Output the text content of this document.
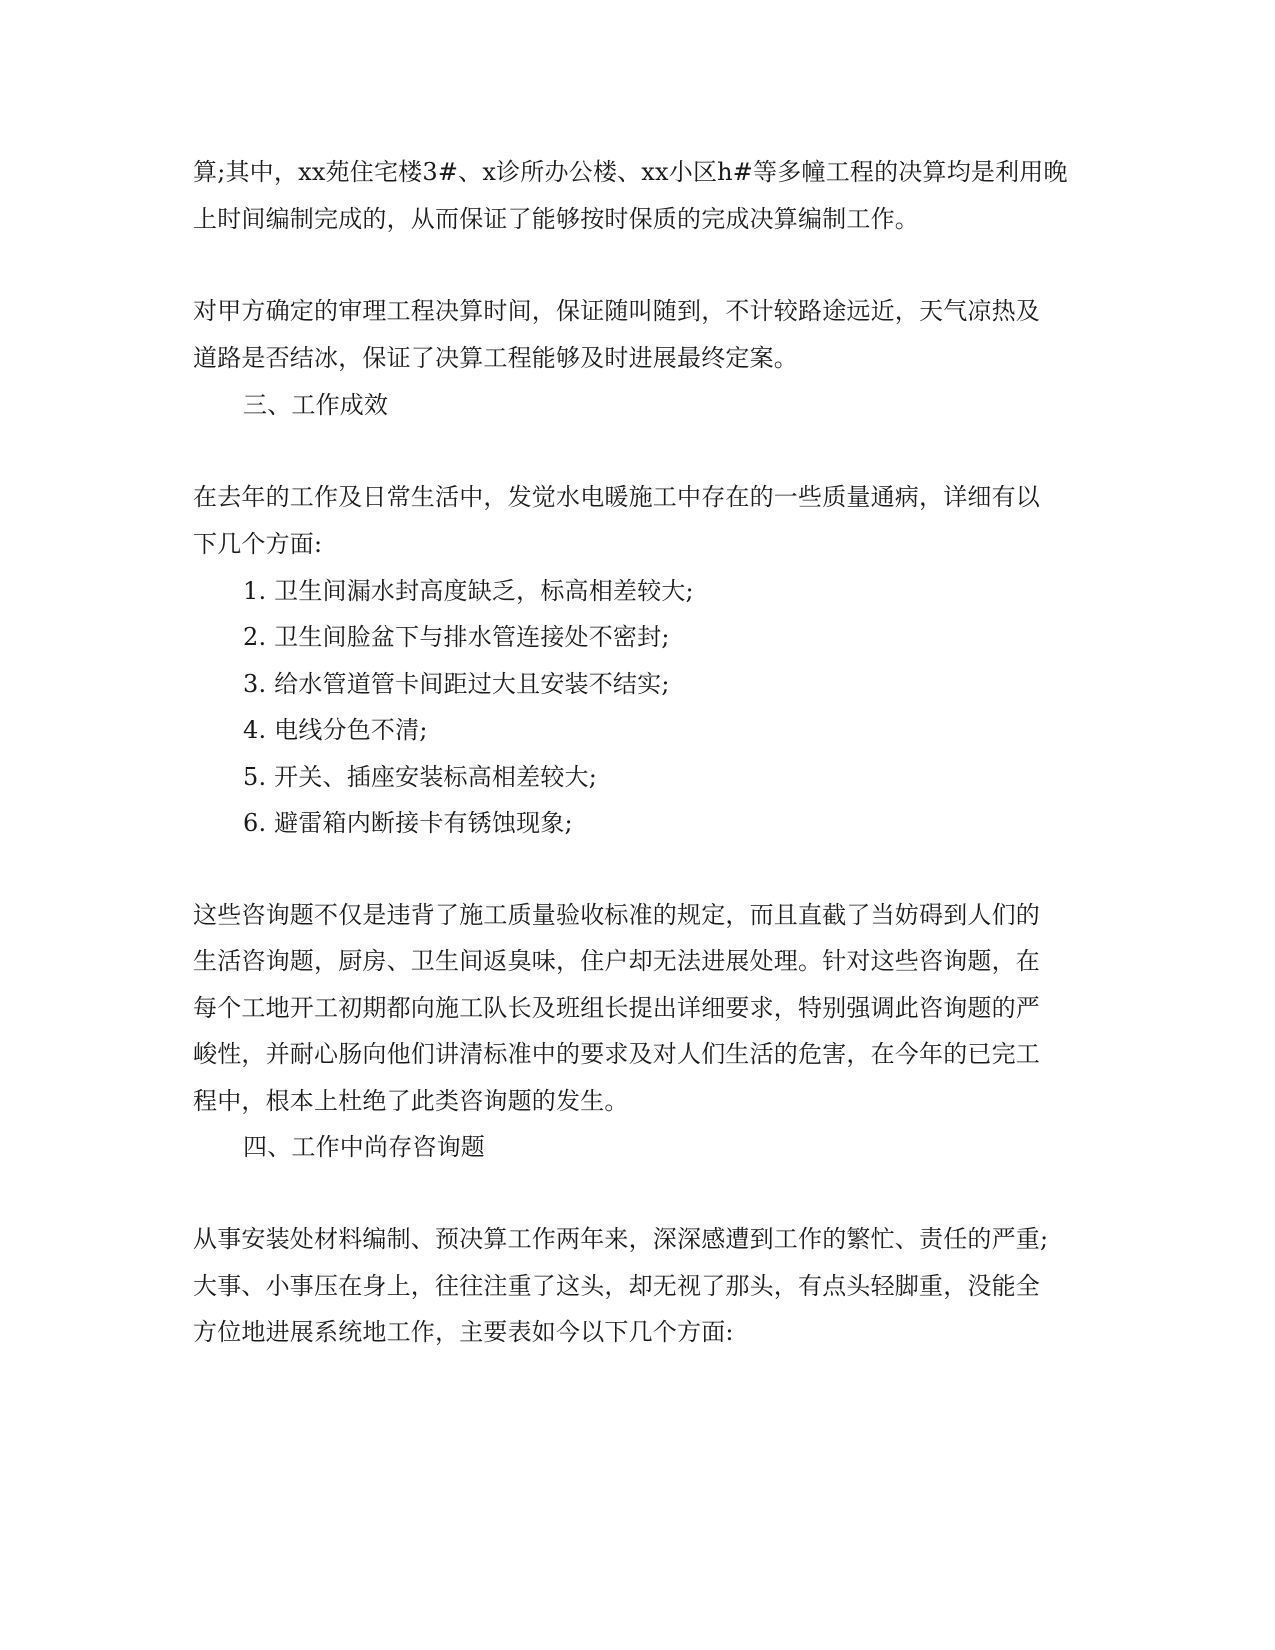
算;其中，xx苑住宅楼3#、x诊所办公楼、xx小区h#等多幢工程的决算均是利用晚
上时间编制完成的，从而保证了能够按时保质的完成决算编制工作。
对甲方确定的审理工程决算时间，保证随叫随到，不计较路途远近，天气凉热及
道路是否结冰，保证了决算工程能够及时进展最终定案。
三、工作成效
在去年的工作及日常生活中，发觉水电暖施工中存在的一些质量通病，详细有以
下几个方面:
1. 卫生间漏水封高度缺乏，标高相差较大;
2. 卫生间脸盆下与排水管连接处不密封;
3. 给水管道管卡间距过大且安装不结实;
4. 电线分色不清;
5. 开关、插座安装标高相差较大;
6. 避雷箱内断接卡有锈蚀现象;
这些咨询题不仅是违背了施工质量验收标准的规定，而且直截了当妨碍到人们的
生活咨询题，厨房、卫生间返臭味，住户却无法进展处理。针对这些咨询题，在
每个工地开工初期都向施工队长及班组长提出详细要求，特别强调此咨询题的严
峻性，并耐心肠向他们讲清标准中的要求及对人们生活的危害，在今年的已完工
程中，根本上杜绝了此类咨询题的发生。
四、工作中尚存咨询题
从事安装处材料编制、预决算工作两年来，深深感遭到工作的繁忙、责任的严重;
大事、小事压在身上，往往注重了这头，却无视了那头，有点头轻脚重，没能全
方位地进展系统地工作，主要表如今以下几个方面:
